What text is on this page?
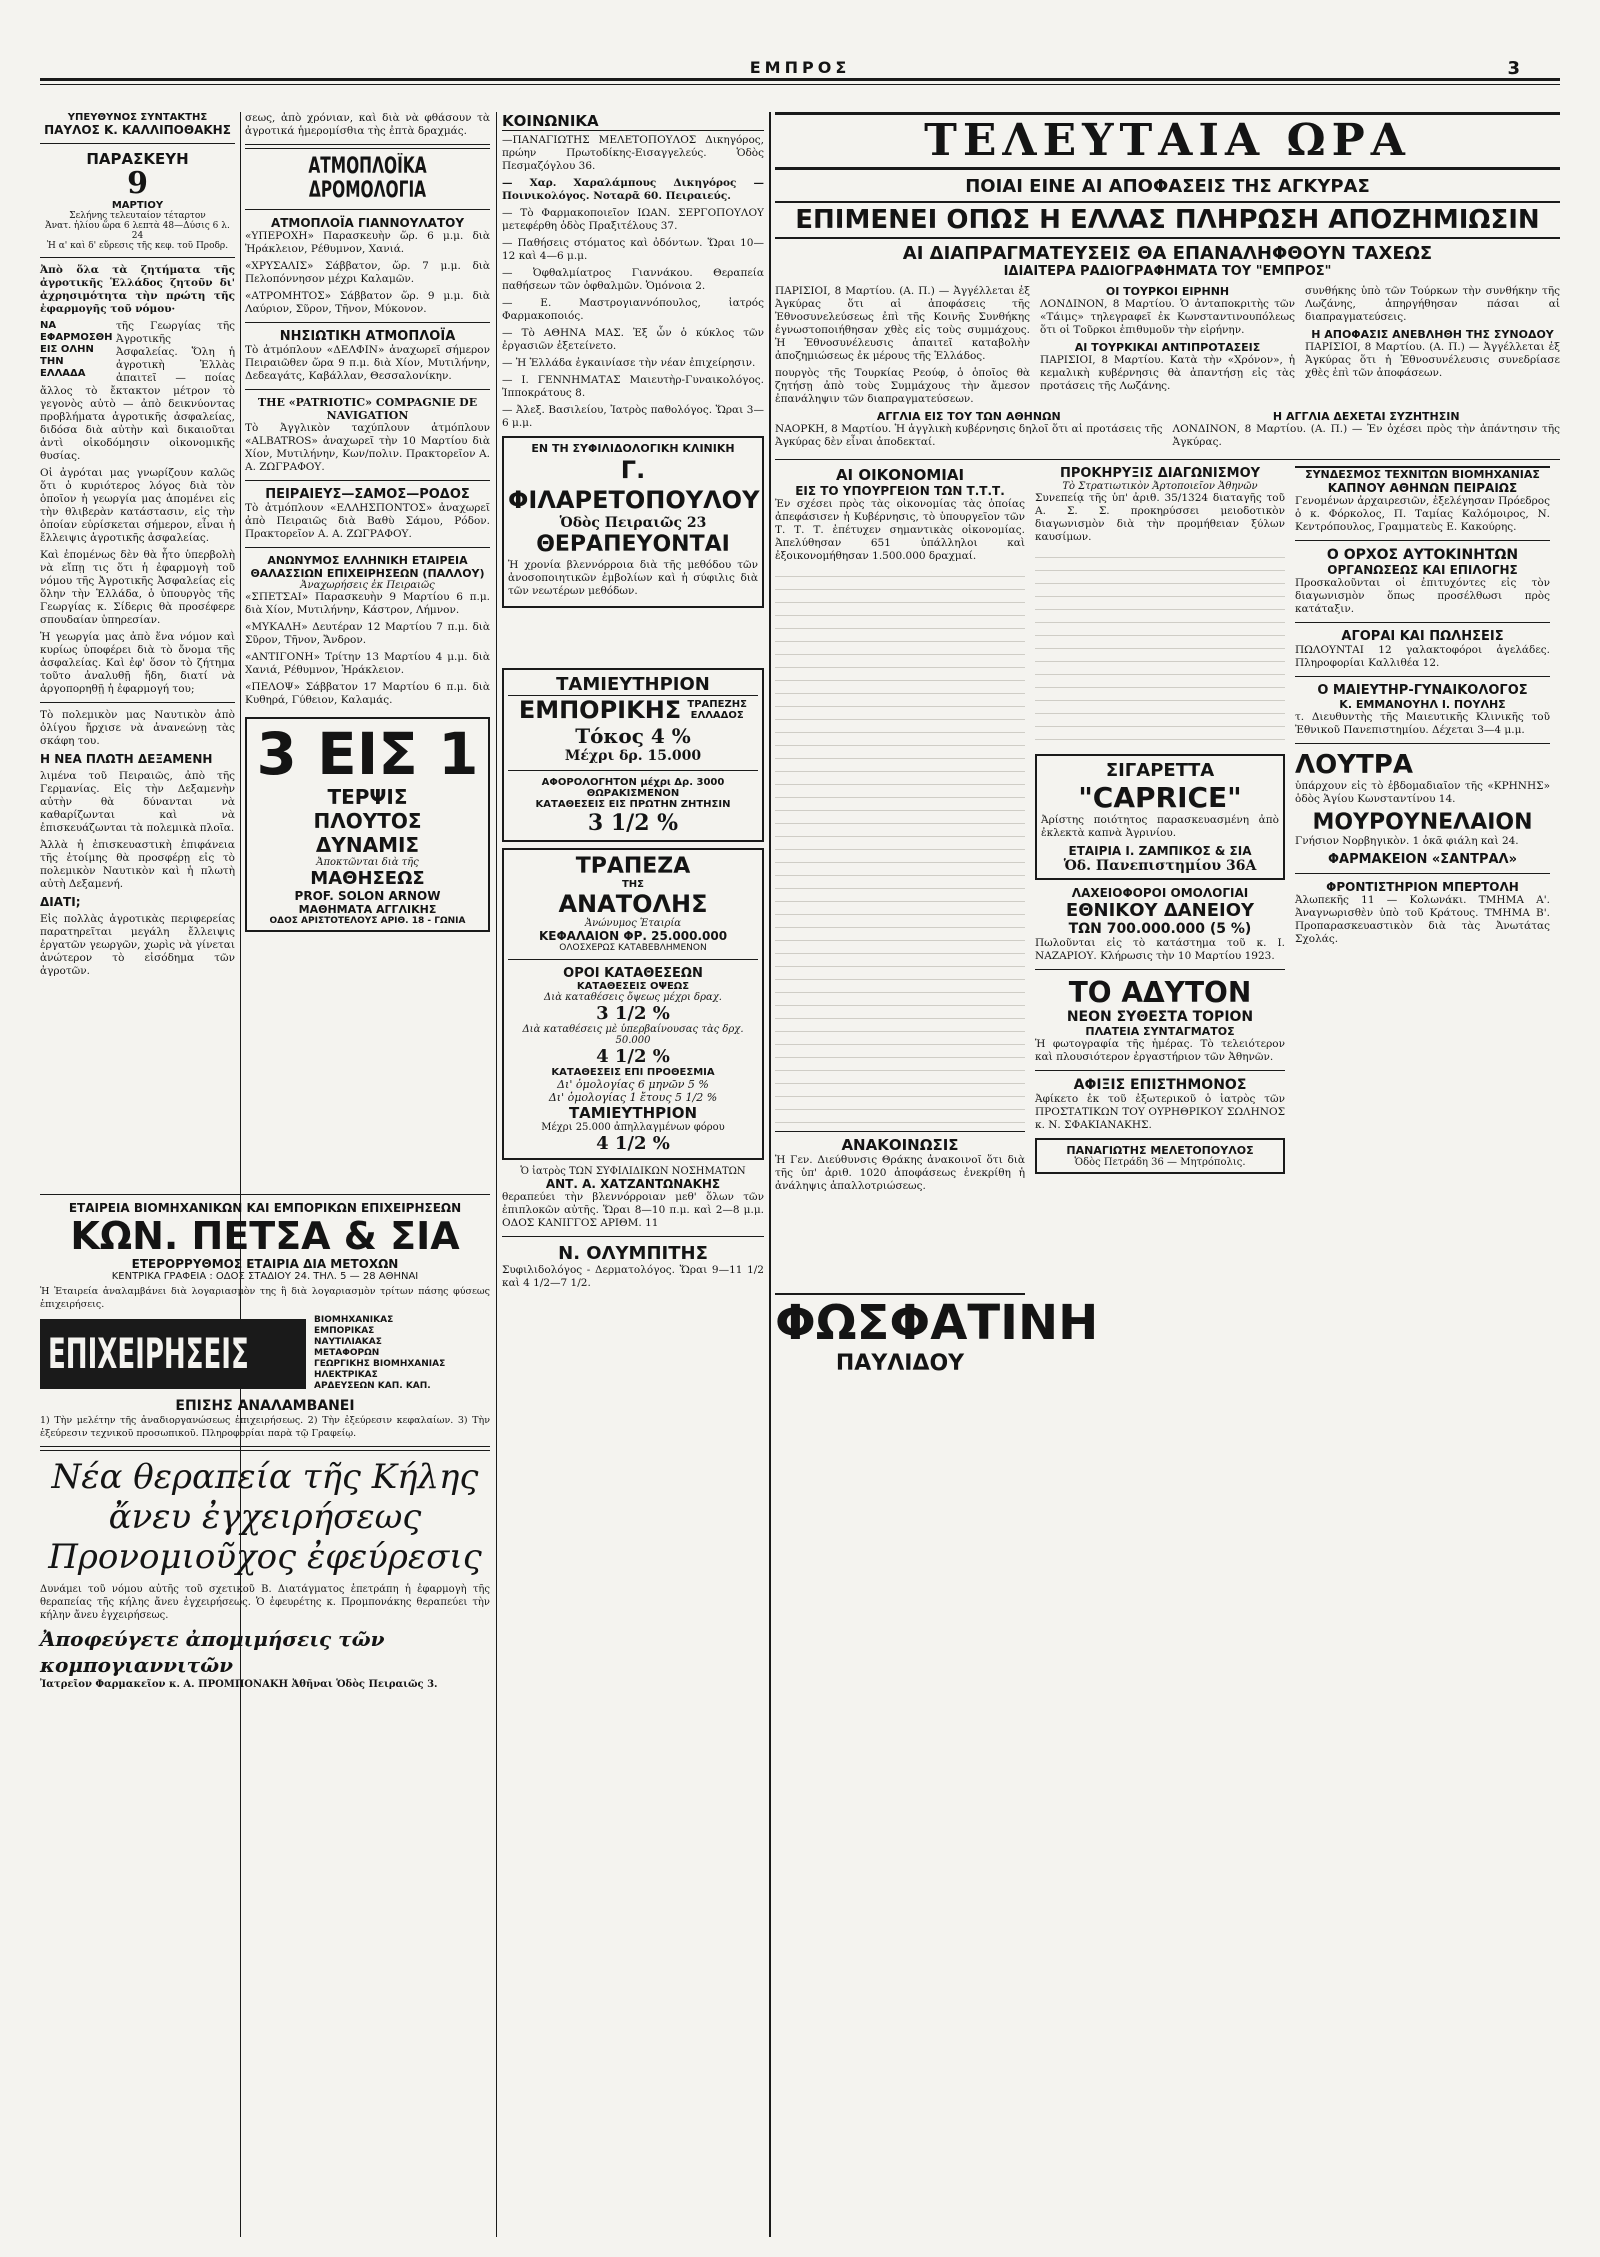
ΕΜΠΡΟΣ	3
ΥΠΕΥΘΥΝΟΣ ΣΥΝΤΑΚΤΗΣ
ΠΑΥΛΟΣ Κ. ΚΑΛΛΙΠΟΘΑΚΗΣ
ΠΑΡΑΣΚΕΥΗ
9
ΜΑΡΤΙΟΥ
Σελήνης τελευταίον τέταρτον
Ἀνατ. ἡλίου ὥρα 6 λεπτὰ 48—Δύσις 6 λ. 24
Ἡ α' καὶ δ' εὔρεσις τῆς κεφ. τοῦ Προδρ.

Ἀπὸ ὅλα τὰ ζητήματα τῆς ἀγροτικῆς Ἑλλάδος ζητοῦν δι' ἀχρησιμότητα τὴν πρώτη τῆς ἐφαρμογῆς τοῦ νόμου·

ΝΑ ΕΦΑΡΜΟΣΘΗ ΕΙΣ ΟΛΗΝ ΤΗΝ ΕΛΛΑΔΑ

τῆς Γεωργίας τῆς Ἀγροτικῆς Ἀσφαλείας. Ὅλη ἡ ἀγροτικὴ Ἑλλὰς ἀπαιτεῖ — ποίας ἄλλος τὸ ἔκτακτον μέτρον τὸ γεγονὸς αὐτὸ — ἀπὸ δεικνύοντας προβλήματα ἀγροτικῆς ἀσφαλείας, διδόσα διὰ αὐτὴν καὶ δικαιοῦται ἀντὶ οἰκοδόμησιν οἰκονομικῆς θυσίας.

Οἱ ἀγρόται μας γνωρίζουν καλῶς ὅτι ὁ κυριότερος λόγος διὰ τὸν ὁποῖον ἡ γεωργία μας ἀπομένει εἰς τὴν θλιβερὰν κατάστασιν, εἰς τὴν ὁποίαν εὑρίσκεται σήμερον, εἶναι ἡ ἔλλειψις ἀγροτικῆς ἀσφαλείας.

Καὶ ἐπομένως δὲν θὰ ἦτο ὑπερβολὴ νὰ εἴπῃ τις ὅτι ἡ ἐφαρμογὴ τοῦ νόμου τῆς Ἀγροτικῆς Ἀσφαλείας εἰς ὅλην τὴν Ἑλλάδα, ὁ ὑπουργὸς τῆς Γεωργίας κ. Σίδερις θὰ προσέφερε σπουδαίαν ὑπηρεσίαν.

Ἡ γεωργία μας ἀπὸ ἕνα νόμον καὶ κυρίως ὑποφέρει διὰ τὸ ὄνομα τῆς ἀσφαλείας. Καὶ ἐφ' ὅσον τὸ ζήτημα τοῦτο ἀναλυθῇ ἤδη, διατί νὰ ἀργοπορηθῇ ἡ ἐφαρμογή του;

Τὸ πολεμικὸν μας Ναυτικὸν ἀπὸ ὀλίγου ἤρχισε νὰ ἀνανεώνῃ τὰς σκάφη του.

Η ΝΕΑ ΠΛΩΤΗ ΔΕΞΑΜΕΝΗ

λιμένα τοῦ Πειραιῶς, ἀπὸ τῆς Γερμανίας. Εἰς τὴν Δεξαμενὴν αὐτὴν θὰ δύνανται νὰ καθαρίζωνται καὶ νὰ ἐπισκευάζωνται τὰ πολεμικὰ πλοῖα.

Ἀλλὰ ἡ ἐπισκευαστικὴ ἐπιφάνεια τῆς ἐτοίμης θὰ προσφέρῃ εἰς τὸ πολεμικὸν Ναυτικὸν καὶ ἡ πλωτὴ αὐτὴ Δεξαμενή.

ΔΙΑΤΙ;

Εἰς πολλὰς ἀγροτικὰς περιφερείας παρατηρεῖται μεγάλη ἔλλειψις ἐργατῶν γεωργῶν, χωρὶς νὰ γίνεται ἀνώτερον τὸ εἰσόδημα τῶν ἀγροτῶν.

σεως, ἀπὸ χρόνιαν, καὶ διὰ νὰ φθάσουν τὰ ἀγροτικά ἡμερομίσθια τὴς ἐπτὰ δραχμάς.

ΑΤΜΟΠΛΟΪΚΑ ΔΡΟΜΟΛΟΓΙΑ
ΑΤΜΟΠΛΟΪΑ ΓΙΑΝΝΟΥΛΑΤΟΥ

«ΥΠΕΡΟΧΗ» Παρασκευὴν ὥρ. 6 μ.μ. διὰ Ἡράκλειον, Ρέθυμνον, Χανιά.

«ΧΡΥΣΑΛΙΣ» Σάββατον, ὥρ. 7 μ.μ. διὰ Πελοπόννησον μέχρι Καλαμῶν.

«ΑΤΡΟΜΗΤΟΣ» Σάββατον ὥρ. 9 μ.μ. διὰ Λαύριον, Σῦρον, Τῆνον, Μύκονον.

ΝΗΣΙΩΤΙΚΗ ΑΤΜΟΠΛΟΪΑ

Τὸ ἀτμόπλουν «ΔΕΛΦΙΝ» ἀναχωρεῖ σήμερον Πειραιῶθεν ὥρα 9 π.μ. διὰ Χίον, Μυτιλήνην, Δεδεαγάτς, Καβάλλαν, Θεσσαλονίκην.

THE «PATRIOTIC» COMPAGNIE DE NAVIGATION

Τὸ Ἀγγλικὸν ταχύπλουν ἀτμόπλουν «ALBATROS» ἀναχωρεῖ τὴν 10 Μαρτίου διὰ Χίον, Μυτιλήνην, Κων/πολιν. Πρακτορεῖον Α. Α. ΖΩΓΡΑΦΟΥ.

ΠΕΙΡΑΙΕΥΣ—ΣΑΜΟΣ—ΡΟΔΟΣ

Τὸ ἀτμόπλουν «ΕΛΛΗΣΠΟΝΤΟΣ» ἀναχωρεῖ ἀπὸ Πειραιῶς διὰ Βαθὺ Σάμου, Ρόδον. Πρακτορεῖον Α. Α. ΖΩΓΡΑΦΟΥ.

ΑΝΩΝΥΜΟΣ ΕΛΛΗΝΙΚΗ ΕΤΑΙΡΕΙΑ ΘΑΛΑΣΣΙΩΝ ΕΠΙΧΕΙΡΗΣΕΩΝ (ΠΑΛΛΟΥ)
Ἀναχωρήσεις ἐκ Πειραιῶς

«ΣΠΕΤΣΑΙ» Παρασκευὴν 9 Μαρτίου 6 π.μ. διὰ Χίον, Μυτιλήνην, Κάστρον, Λήμνον.

«ΜΥΚΑΛΗ» Δευτέραν 12 Μαρτίου 7 π.μ. διὰ Σῦρον, Τῆνον, Ἄνδρον.

«ΑΝΤΙΓΟΝΗ» Τρίτην 13 Μαρτίου 4 μ.μ. διὰ Χανιά, Ρέθυμνον, Ἡράκλειον.

«ΠΕΛΟΨ» Σάββατον 17 Μαρτίου 6 π.μ. διὰ Κυθηρά, Γύθειον, Καλαμάς.

3 ΕΙΣ 1
ΤΕΡΨΙΣ
ΠΛΟΥΤΟΣ
ΔΥΝΑΜΙΣ
Ἀποκτῶνται διὰ τῆς
ΜΑΘΗΣΕΩΣ
PROF. SOLON ARNOW
ΜΑΘΗΜΑΤΑ ΑΓΓΛΙΚΗΣ
ΟΔΟΣ ΑΡΙΣΤΟΤΕΛΟΥΣ ΑΡΙΘ. 18 - ΓΩΝΙΑ
ΕΤΑΙΡΕΙΑ ΒΙΟΜΗΧΑΝΙΚΩΝ ΚΑΙ ΕΜΠΟΡΙΚΩΝ ΕΠΙΧΕΙΡΗΣΕΩΝ
ΚΩΝ. ΠΕΤΣΑ & ΣΙΑ
ΕΤΕΡΟΡΡΥΘΜΟΣ ΕΤΑΙΡΙΑ ΔΙΑ ΜΕΤΟΧΩΝ
ΚΕΝΤΡΙΚΑ ΓΡΑΦΕΙΑ : ΟΔΟΣ ΣΤΑΔΙΟΥ 24. ΤΗΛ. 5 — 28 ΑΘΗΝΑΙ

Ἡ Ἑταιρεία ἀναλαμβάνει διὰ λογαριασμὸν της ἢ διὰ λογαριασμὸν τρίτων πάσης φύσεως ἐπιχειρήσεις.

ΕΠΙΧΕΙΡΗΣΕΙΣ
ΒΙΟΜΗΧΑΝΙΚΑΣ
ΕΜΠΟΡΙΚΑΣ
ΝΑΥΤΙΛΙΑΚΑΣ
ΜΕΤΑΦΟΡΩΝ
ΓΕΩΡΓΙΚΗΣ ΒΙΟΜΗΧΑΝΙΑΣ
ΗΛΕΚΤΡΙΚΑΣ
ΑΡΔΕΥΣΕΩΝ ΚΑΠ. ΚΑΠ.
ΕΠΙΣΗΣ ΑΝΑΛΑΜΒΑΝΕΙ

1) Τὴν μελέτην τῆς ἀναδιοργανώσεως ἐπιχειρήσεως. 2) Τὴν ἐξεύρεσιν κεφαλαίων. 3) Τὴν ἐξεύρεσιν τεχνικοῦ προσωπικοῦ. Πληροφορίαι παρὰ τῷ Γραφείῳ.

Νέα θεραπεία τῆς Κήλης
ἄνευ ἐγχειρήσεως
Προνομιοῦχος ἐφεύρεσις

Δυνάμει τοῦ νόμου αὐτῆς τοῦ σχετικοῦ Β. Διατάγματος ἐπετράπη ἡ ἐφαρμογὴ τῆς θεραπείας τῆς κήλης ἄνευ ἐγχειρήσεως. Ὁ ἐφευρέτης κ. Προμπονάκης θεραπεύει τὴν κήλην ἄνευ ἐγχειρήσεως.

Ἀποφεύγετε ἀπομιμήσεις τῶν κομπογιαννιτῶν
Ἰατρεῖον Φαρμακεῖον κ. Α. ΠΡΟΜΠΟΝΑΚΗ Ἀθῆναι Ὁδὸς Πειραιῶς 3.
ΚΟΙΝΩΝΙΚΑ

—ΠΑΝΑΓΙΩΤΗΣ ΜΕΛΕΤΟΠΟΥΛΟΣ Δικηγόρος, πρώην Πρωτοδίκης-Εισαγγελεύς. Ὁδὸς Πεσμαζόγλου 36.

— Χαρ. Χαραλάμπους Δικηγόρος — Ποινικολόγος. Νοταρᾶ 60. Πειραιεύς.

— Τὸ Φαρμακοποιεῖον ΙΩΑΝ. ΣΕΡΓΟΠΟΥΛΟΥ μετεφέρθη ὁδὸς Πραξιτέλους 37.

— Παθήσεις στόματος καὶ ὀδόντων. Ὥραι 10—12 καὶ 4—6 μ.μ.

— Ὀφθαλμίατρος Γιαννάκου. Θεραπεία παθήσεων τῶν ὀφθαλμῶν. Ὁμόνοια 2.

— Ε. Μαστρογιαννόπουλος, ἰατρός Φαρμακοποιός.

— Τὸ ΑΘΗΝΑ ΜΑΣ. Ἐξ ὧν ὁ κύκλος τῶν ἐργασιῶν ἐξετείνετο.

— Ἡ Ἑλλάδα ἐγκαινίασε τὴν νέαν ἐπιχείρησιν.

— Ι. ΓΕΝΝΗΜΑΤΑΣ Μαιευτὴρ-Γυναικολόγος. Ἰπποκράτους 8.

— Ἀλεξ. Βασιλείου, Ἰατρὸς παθολόγος. Ὥραι 3—6 μ.μ.

ΕΝ ΤΗ ΣΥΦΙΛΙΔΟΛΟΓΙΚΗ ΚΛΙΝΙΚΗ
Γ. ΦΙΛΑΡΕΤΟΠΟΥΛΟΥ
Ὁδὸς Πειραιῶς 23
ΘΕΡΑΠΕΥΟΝΤΑΙ

Ἡ χρονία βλεννόρροια διὰ τῆς μεθόδου τῶν ἀνοσοποιητικῶν ἐμβολίων καὶ ἡ σύφιλις διὰ τῶν νεωτέρων μεθόδων.

ΤΑΜΙΕΥΤΗΡΙΟΝ
ΕΜΠΟΡΙΚΗΣ ΤΡΑΠΕΖΗΣ ΕΛΛΑΔΟΣ
Τόκος 4 %
Μέχρι δρ. 15.000
ΑΦΟΡΟΛΟΓΗΤΟΝ μέχρι Δρ. 3000
ΘΩΡΑΚΙΣΜΕΝΟΝ
ΚΑΤΑΘΕΣΕΙΣ ΕΙΣ ΠΡΩΤΗΝ ΖΗΤΗΣΙΝ
3 1/2 %
ΤΡΑΠΕΖΑ
ΤΗΣ
ΑΝΑΤΟΛΗΣ
Ἀνώνυμος Ἑταιρία
ΚΕΦΑΛΑΙΟΝ ΦΡ. 25.000.000
ΟΛΟΣΧΕΡΩΣ ΚΑΤΑΒΕΒΛΗΜΕΝΟΝ
ΟΡΟΙ ΚΑΤΑΘΕΣΕΩΝ
ΚΑΤΑΘΕΣΕΙΣ ΟΨΕΩΣ
Διὰ καταθέσεις ὄψεως μέχρι δραχ.
3 1/2 %
Διὰ καταθέσεις μὲ ὑπερβαίνουσας τὰς δρχ. 50.000
4 1/2 %
ΚΑΤΑΘΕΣΕΙΣ ΕΠΙ ΠΡΟΘΕΣΜΙΑ
Δι' ὁμολογίας 6 μηνῶν 5 %
Δι' ὁμολογίας 1 ἔτους 5 1/2 %
ΤΑΜΙΕΥΤΗΡΙΟΝ
Μέχρι 25.000 ἀπηλλαγμένων φόρου
4 1/2 %
Ὁ ἰατρὸς ΤΩΝ ΣΥΦΙΛΙΔΙΚΩΝ ΝΟΣΗΜΑΤΩΝ
ΑΝΤ. Α. ΧΑΤΖΑΝΤΩΝΑΚΗΣ

θεραπεύει τὴν βλεννόρροιαν μεθ' ὅλων τῶν ἐπιπλοκῶν αὐτῆς. Ὥραι 8—10 π.μ. καὶ 2—8 μ.μ. ΟΔΟΣ ΚΑΝΙΓΓΟΣ ΑΡΙΘΜ. 11

Ν. ΟΛΥΜΠΙΤΗΣ

Συφιλιδολόγος - Δερματολόγος. Ὥραι 9—11 1/2 καὶ 4 1/2—7 1/2.

ΤΕΛΕΥΤΑΙΑ ΩΡΑ
ΠΟΙΑΙ ΕΙΝΕ ΑΙ ΑΠΟΦΑΣΕΙΣ ΤΗΣ ΑΓΚΥΡΑΣ
ΕΠΙΜΕΝΕΙ ΟΠΩΣ Η ΕΛΛΑΣ ΠΛΗΡΩΣΗ ΑΠΟΖΗΜΙΩΣΙΝ
ΑΙ ΔΙΑΠΡΑΓΜΑΤΕΥΣΕΙΣ ΘΑ ΕΠΑΝΑΛΗΦΘΟΥΝ ΤΑΧΕΩΣ
ΙΔΙΑΙΤΕΡΑ ΡΑΔΙΟΓΡΑΦΗΜΑΤΑ ΤΟΥ "ΕΜΠΡΟΣ"

ΠΑΡΙΣΙΟΙ, 8 Μαρτίου. (Α. Π.) — Ἀγγέλλεται ἐξ Ἀγκύρας ὅτι αἱ ἀποφάσεις τῆς Ἐθνοσυνελεύσεως ἐπὶ τῆς Κοινῆς Συνθήκης ἐγνωστοποιήθησαν χθὲς εἰς τοὺς συμμάχους. Ἡ Ἐθνοσυνέλευσις ἀπαιτεῖ καταβολὴν ἀποζημιώσεως ἐκ μέρους τῆς Ἑλλάδος.

πουργὸς τῆς Τουρκίας Ρεούφ, ὁ ὁποῖος θὰ ζητήσῃ ἀπὸ τοὺς Συμμάχους τὴν ἄμεσον ἐπανάληψιν τῶν διαπραγματεύσεων.

ΟΙ ΤΟΥΡΚΟΙ ΕΙΡΗΝΗ

ΛΟΝΔΙΝΟΝ, 8 Μαρτίου. Ὁ ἀνταποκριτὴς τῶν «Τάιμς» τηλεγραφεῖ ἐκ Κωνσταντινουπόλεως ὅτι οἱ Τοῦρκοι ἐπιθυμοῦν τὴν εἰρήνην.

ΑΙ ΤΟΥΡΚΙΚΑΙ ΑΝΤΙΠΡΟΤΑΣΕΙΣ

ΠΑΡΙΣΙΟΙ, 8 Μαρτίου. Κατὰ τὴν «Χρόνον», ἡ κεμαλικὴ κυβέρνησις θὰ ἀπαντήσῃ εἰς τὰς προτάσεις τῆς Λωζάνης.

συνθήκης ὑπὸ τῶν Τούρκων τὴν συνθήκην τῆς Λωζάνης, ἀπηργήθησαν πάσαι αἱ διαπραγματεύσεις.

Η ΑΠΟΦΑΣΙΣ ΑΝΕΒΛΗΘΗ ΤΗΣ ΣΥΝΟΔΟΥ

ΠΑΡΙΣΙΟΙ, 8 Μαρτίου. (Α. Π.) — Ἀγγέλλεται ἐξ Ἀγκύρας ὅτι ἡ Ἐθνοσυνέλευσις συνεδρίασε χθὲς ἐπὶ τῶν ἀποφάσεων.

ΑΓΓΛΙΑ ΕΙΣ ΤΟΥ ΤΩΝ ΑΘΗΝΩΝ

ΝΑΟΡΚΗ, 8 Μαρτίου. Ἡ ἀγγλικὴ κυβέρνησις δηλοῖ ὅτι αἱ προτάσεις τῆς Ἀγκύρας δὲν εἶναι ἀποδεκταί.

Η ΑΓΓΛΙΑ ΔΕΧΕΤΑΙ ΣΥΖΗΤΗΣΙΝ

ΛΟΝΔΙΝΟΝ, 8 Μαρτίου. (Α. Π.) — Ἐν ὀχέσει πρὸς τὴν ἀπάντησιν τῆς Ἀγκύρας.

ΑΙ ΟΙΚΟΝΟΜΙΑΙ
ΕΙΣ ΤΟ ΥΠΟΥΡΓΕΙΟΝ ΤΩΝ Τ.Τ.Τ.

Ἐν σχέσει πρὸς τὰς οἰκονομίας τὰς ὁποίας ἀπεφάσισεν ἡ Κυβέρνησις, τὸ ὑπουργεῖον τῶν Τ. Τ. Τ. ἐπέτυχεν σημαντικὰς οἰκονομίας. Ἀπελύθησαν 651 ὑπάλληλοι καὶ ἐξοικονομήθησαν 1.500.000 δραχμαί.

ΑΝΑΚΟΙΝΩΣΙΣ

Ἡ Γεν. Διεύθυνσις Θράκης ἀνακοινοῖ ὅτι διὰ τῆς ὑπ' ἀριθ. 1020 ἀποφάσεως ἐνεκρίθη ἡ ἀνάληψις ἀπαλλοτριώσεως.

ΦΩΣΦΑΤΙΝΗ
ΠΑΥΛΙΔΟΥ
ΠΡΟΚΗΡΥΞΙΣ ΔΙΑΓΩΝΙΣΜΟΥ
Τὸ Στρατιωτικὸν Ἀρτοποιεῖον Ἀθηνῶν

Συνεπείᾳ τῆς ὑπ' ἀριθ. 35/1324 διαταγῆς τοῦ Α. Σ. Σ. προκηρύσσει μειοδοτικὸν διαγωνισμὸν διὰ τὴν προμήθειαν ξύλων καυσίμων.

ΣΙΓΑΡΕΤΤΑ
"CAPRICE"

Ἀρίστης ποιότητος παρασκευασμένη ἀπὸ ἐκλεκτὰ καπνὰ Ἀγρινίου.

ΕΤΑΙΡΙΑ Ι. ΖΑΜΠΙΚΟΣ & ΣΙΑ
Ὁδ. Πανεπιστημίου 36Α
ΛΑΧΕΙΟΦΟΡΟΙ ΟΜΟΛΟΓΙΑΙ
ΕΘΝΙΚΟΥ ΔΑΝΕΙΟΥ
ΤΩΝ 700.000.000 (5 %)

Πωλοῦνται εἰς τὸ κατάστημα τοῦ κ. Ι. ΝΑΖΑΡΙΟΥ. Κλήρωσις τὴν 10 Μαρτίου 1923.

ΤΟ ΑΔΥΤΟΝ
ΝΕΟΝ ΣΥΘΕΣΤΑ ΤΟΡΙΟΝ
ΠΛΑΤΕΙΑ ΣΥΝΤΑΓΜΑΤΟΣ

Ἡ φωτογραφία τῆς ἡμέρας. Τὸ τελειότερον καὶ πλουσιότερον ἐργαστήριον τῶν Ἀθηνῶν.

ΑΦΙΞΙΣ ΕΠΙΣΤΗΜΟΝΟΣ

Ἀφίκετο ἐκ τοῦ ἐξωτερικοῦ ὁ ἰατρὸς τῶν ΠΡΟΣΤΑΤΙΚΩΝ ΤΟΥ ΟΥΡΗΘΡΙΚΟΥ ΣΩΛΗΝΟΣ κ. Ν. ΣΦΑΚΙΑΝΑΚΗΣ.

ΠΑΝΑΓΙΩΤΗΣ ΜΕΛΕΤΟΠΟΥΛΟΣ
Ὁδὸς Πετράδη 36 — Μητρόπολις.
ΣΥΝΔΕΣΜΟΣ ΤΕΧΝΙΤΩΝ ΒΙΟΜΗΧΑΝΙΑΣ
ΚΑΠΝΟΥ ΑΘΗΝΩΝ ΠΕΙΡΑΙΩΣ

Γενομένων ἀρχαιρεσιῶν, ἐξελέγησαν Πρόεδρος ὁ κ. Φόρκολος, Π. Ταμίας Καλόμοιρος, Ν. Κεντρόπουλος, Γραμματεὺς Ε. Κακούρης.

Ο ΟΡΧΟΣ ΑΥΤΟΚΙΝΗΤΩΝ
ΟΡΓΑΝΩΣΕΩΣ ΚΑΙ ΕΠΙΛΟΓΗΣ

Προσκαλοῦνται οἱ ἐπιτυχόντες εἰς τὸν διαγωνισμὸν ὅπως προσέλθωσι πρὸς κατάταξιν.

ΑΓΟΡΑΙ ΚΑΙ ΠΩΛΗΣΕΙΣ

ΠΩΛΟΥΝΤΑΙ 12 γαλακτοφόροι ἀγελάδες. Πληροφορίαι Καλλιθέα 12.

Ο ΜΑΙΕΥΤΗΡ-ΓΥΝΑΙΚΟΛΟΓΟΣ
Κ. ΕΜΜΑΝΟΥΗΛ Ι. ΠΟΥΛΗΣ

τ. Διευθυντὴς τῆς Μαιευτικῆς Κλινικῆς τοῦ Ἐθνικοῦ Πανεπιστημίου. Δέχεται 3—4 μ.μ.

ΛΟΥΤΡΑ

ὑπάρχουν εἰς τὸ ἐβδομαδιαῖον τῆς «ΚΡΗΝΗΣ» ὁδὸς Ἁγίου Κωνσταντίνου 14.

ΜΟΥΡΟΥΝΕΛΑΙΟΝ

Γνήσιον Νορβηγικὸν. 1 ὀκᾶ φιάλη καὶ 24.

ΦΑΡΜΑΚΕΙΟΝ «ΣΑΝΤΡΑΛ»
ΦΡΟΝΤΙΣΤΗΡΙΟΝ ΜΠΕΡΤΟΛΗ

Ἀλωπεκῆς 11 — Κολωνάκι. ΤΜΗΜΑ Α'. Ἀναγνωρισθὲν ὑπὸ τοῦ Κράτους. ΤΜΗΜΑ Β'. Προπαρασκευαστικὸν διὰ τὰς Ἀνωτάτας Σχολάς.
